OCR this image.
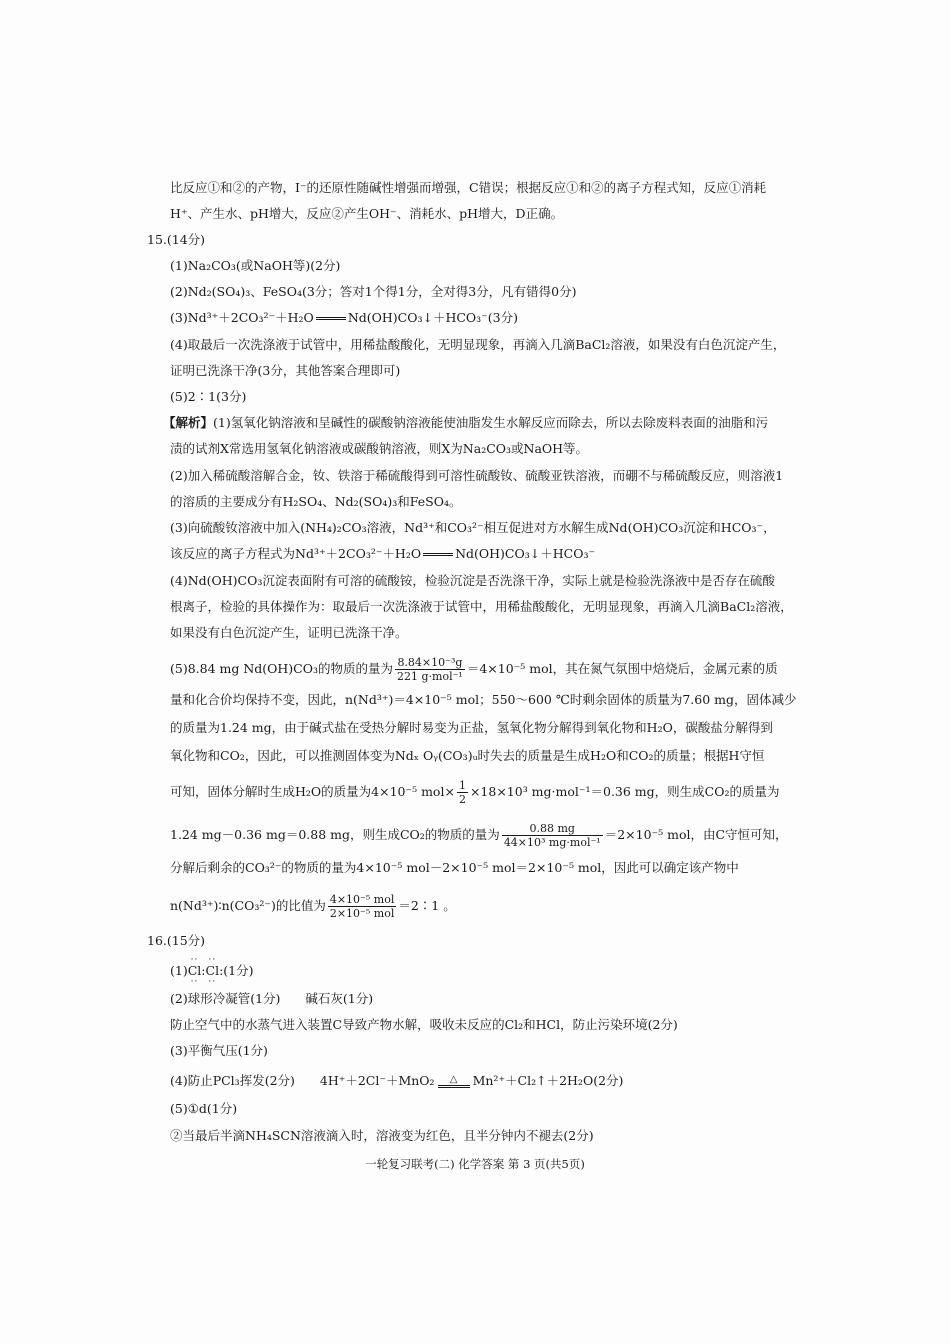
比反应①和②的产物，I⁻的还原性随碱性增强而增强，C错误；根据反应①和②的离子方程式知，反应①消耗
H⁺、产生水、pH增大，反应②产生OH⁻、消耗水、pH增大，D正确。
15.(14分)
(1)Na₂CO₃(或NaOH等)(2分)
(2)Nd₂(SO₄)₃、FeSO₄(3分；答对1个得1分，全对得3分，凡有错得0分)
(3)Nd³⁺＋2CO₃²⁻＋H₂O	Nd(OH)CO₃↓＋HCO₃⁻(3分)
(4)取最后一次洗涤液于试管中，用稀盐酸酸化，无明显现象，再滴入几滴BaCl₂溶液，如果没有白色沉淀产生，
证明已洗涤干净(3分，其他答案合理即可)
(5)2∶1(3分)
【解析】(1)氢氧化钠溶液和呈碱性的碳酸钠溶液能使油脂发生水解反应而除去，所以去除废料表面的油脂和污
渍的试剂X常选用氢氧化钠溶液或碳酸钠溶液，则X为Na₂CO₃或NaOH等。
(2)加入稀硫酸溶解合金，钕、铁溶于稀硫酸得到可溶性硫酸钕、硫酸亚铁溶液，而硼不与稀硫酸反应，则溶液1
的溶质的主要成分有H₂SO₄、Nd₂(SO₄)₃和FeSO₄。
(3)向硫酸钕溶液中加入(NH₄)₂CO₃溶液，Nd³⁺和CO₃²⁻相互促进对方水解生成Nd(OH)CO₃沉淀和HCO₃⁻，
该反应的离子方程式为Nd³⁺＋2CO₃²⁻＋H₂O	Nd(OH)CO₃↓＋HCO₃⁻
(4)Nd(OH)CO₃沉淀表面附有可溶的硫酸铵，检验沉淀是否洗涤干净，实际上就是检验洗涤液中是否存在硫酸
根离子，检验的具体操作为：取最后一次洗涤液于试管中，用稀盐酸酸化，无明显现象，再滴入几滴BaCl₂溶液，
如果没有白色沉淀产生，证明已洗涤干净。
(5)8.84 mg Nd(OH)CO₃的物质的量为 $\frac{\text{8.84×10⁻³g}}{\text{221 g·mol⁻¹}} =4\times 10^{-5}$ mol，其在氮气氛围中焙烧后，金属元素的质
量和化合价均保持不变，因此，n(Nd³⁺)＝4×10⁻⁵ mol；550～600 ℃时剩余固体的质量为7.60 mg，固体减少
的质量为1.24 mg，由于碱式盐在受热分解时易变为正盐，氢氧化物分解得到氧化物和H₂O，碳酸盐分解得到
氧化物和CO₂，因此，可以推测固体变为Ndₓ Oᵧ(CO₃)ᵤ时失去的质量是生成H₂O和CO₂的质量；根据H守恒
可知，固体分解时生成H₂O的质量为4×10⁻⁵ $mol\times \frac{1}{2} \times 18\times 10^3$ mg·mol⁻¹＝0.36 mg，则生成CO₂的质量为
1.24 mg－0.36 mg＝0.88 mg，则生成CO₂的物质的量为 $\frac{0.88 mg}{\text{44×10³ mg·mol⁻¹}} =2\times 10^{-5}$ mol，由C守恒可知，
分解后剩余的CO₃²⁻的物质的量为4×10⁻⁵ mol－2×10⁻⁵ mol＝2×10⁻⁵ mol，因此可以确定该产物中
n(Nd³⁺)∶n(CO₃²⁻)的比值为 $\frac{\text{4×10⁻⁵ mol}}{\text{2×10⁻⁵ mol}}$ ＝2∶1 。
16.(15分)
(1)
··
Cl
··
:
··
Cl
··
:(1分)
(2)球形冷凝管(1分)　　碱石灰(1分)
防止空气中的水蒸气进入装置C导致产物水解，吸收未反应的Cl₂和HCl，防止污染环境(2分)
(3)平衡气压(1分)
(4)防止PCl₃挥发(2分)　　4H⁺＋2Cl⁻＋MnO₂ △ Mn²⁺＋Cl₂↑＋2H₂O(2分)
(5)①d(1分)
②当最后半滴NH₄SCN溶液滴入时，溶液变为红色，且半分钟内不褪去(2分)
一轮复习联考(二) 化学答案 第 3 页(共5页)
